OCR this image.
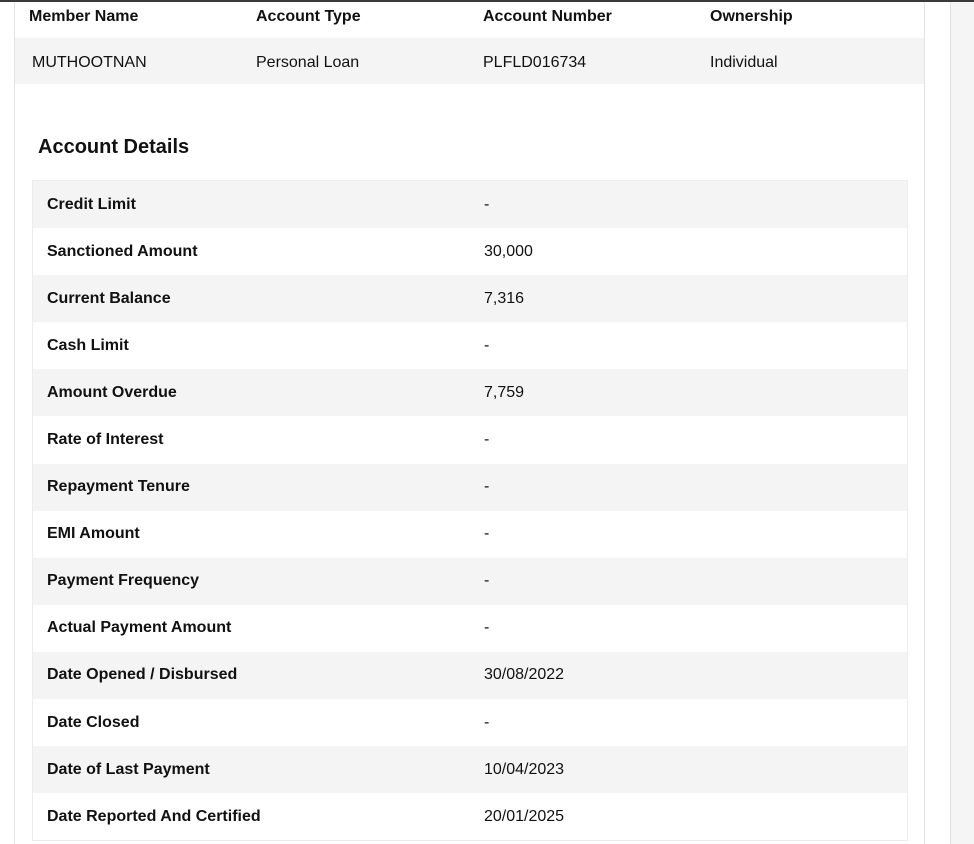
Member Name	Account Type	Account Number	Ownership
MUTHOOTNAN	Personal Loan	PLFLD016734	Individual
Account Details
Credit Limit	-
Sanctioned Amount	30,000
Current Balance	7,316
Cash Limit	-
Amount Overdue	7,759
Rate of Interest	-
Repayment Tenure	-
EMI Amount	-
Payment Frequency	-
Actual Payment Amount	-
Date Opened / Disbursed	30/08/2022
Date Closed	-
Date of Last Payment	10/04/2023
Date Reported And Certified	20/01/2025
